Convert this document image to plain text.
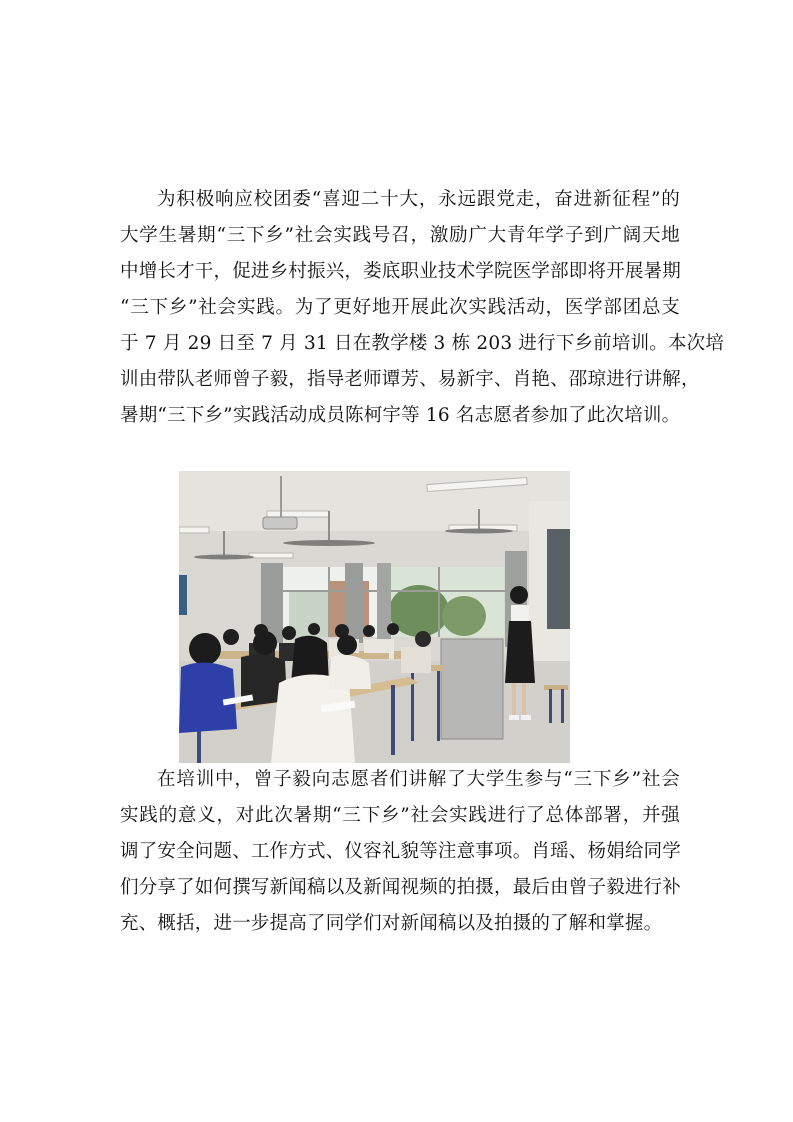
为积极响应校团委“喜迎二十大，永远跟党走，奋进新征程”的
大学生暑期“三下乡”社会实践号召，激励广大青年学子到广阔天地
中增长才干，促进乡村振兴，娄底职业技术学院医学部即将开展暑期
“三下乡”社会实践。为了更好地开展此次实践活动，医学部团总支
于 7 月 29 日至 7 月 31 日在教学楼 3 栋 203 进行下乡前培训。本次培
训由带队老师曾子毅，指导老师谭芳、易新宇、肖艳、邵琼进行讲解，
暑期“三下乡”实践活动成员陈柯宇等 16 名志愿者参加了此次培训。
在培训中，曾子毅向志愿者们讲解了大学生参与“三下乡”社会
实践的意义，对此次暑期“三下乡”社会实践进行了总体部署，并强
调了安全问题、工作方式、仪容礼貌等注意事项。肖瑶、杨娟给同学
们分享了如何撰写新闻稿以及新闻视频的拍摄，最后由曾子毅进行补
充、概括，进一步提高了同学们对新闻稿以及拍摄的了解和掌握。
